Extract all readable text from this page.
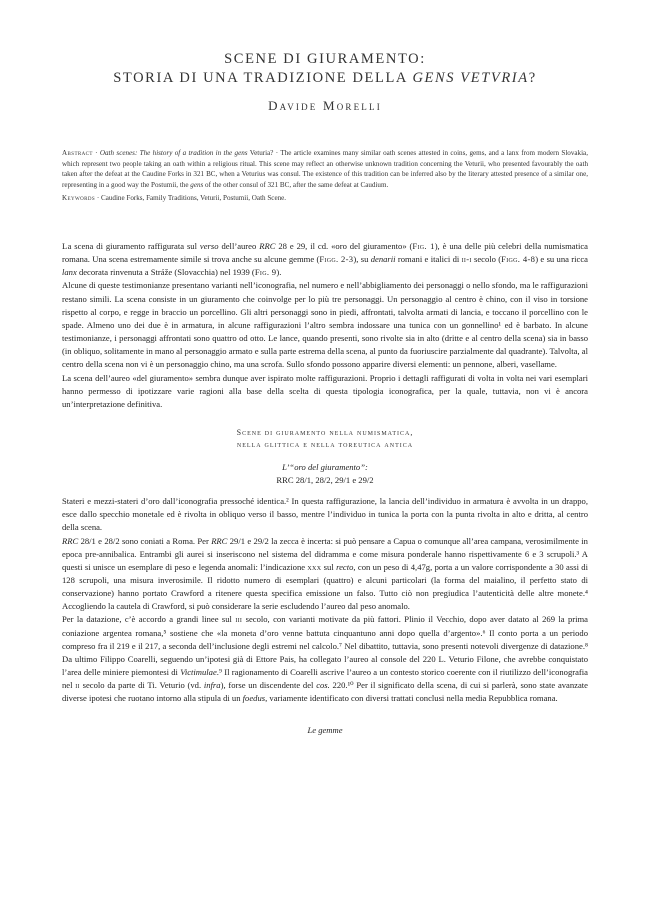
SCENE DI GIURAMENTO:
STORIA DI UNA TRADIZIONE DELLA GENS VETVRIA?
Davide Morelli
Abstract · Oath scenes: The history of a tradition in the gens Veturia? · The article examines many similar oath scenes attested in coins, gems, and a lanx from modern Slovakia, which represent two people taking an oath within a religious ritual. This scene may reflect an otherwise unknown tradition concerning the Veturii, who presented favourably the oath taken after the defeat at the Caudine Forks in 321 BC, when a Veturius was consul. The existence of this tradition can be inferred also by the literary attested presence of a similar one, representing in a good way the Postumii, the gens of the other consul of 321 BC, after the same defeat at Caudium.
Keywords · Caudine Forks, Family Traditions, Veturii, Postumii, Oath Scene.

La scena di giuramento raffigurata sul verso dell’aureo RRC 28 e 29, il cd. «oro del giuramento» (Fig. 1), è una delle più celebri della numismatica romana. Una scena estremamente simile si trova anche su alcune gemme (Figg. 2-3), su denarii romani e italici di ii-i secolo (Figg. 4-8) e su una ricca lanx decorata rinvenuta a Stráže (Slovacchia) nel 1939 (Fig. 9).

Alcune di queste testimonianze presentano varianti nell’iconografia, nel numero e nell’abbigliamento dei personaggi o nello sfondo, ma le raffigurazioni restano simili. La scena consiste in un giuramento che coinvolge per lo più tre personaggi. Un personaggio al centro è chino, con il viso in torsione rispetto al corpo, e regge in braccio un porcellino. Gli altri personaggi sono in piedi, affrontati, talvolta armati di lancia, e toccano il porcellino con le spade. Almeno uno dei due è in armatura, in alcune raffigurazioni l’altro sembra indossare una tunica con un gonnellino¹ ed è barbato. In alcune testimonianze, i personaggi affrontati sono quattro od otto. Le lance, quando presenti, sono rivolte sia in alto (dritte e al centro della scena) sia in basso (in obliquo, solitamente in mano al personaggio armato e sulla parte estrema della scena, al punto da fuoriuscire parzialmente dal quadrante). Talvolta, al centro della scena non vi è un personaggio chino, ma una scrofa. Sullo sfondo possono apparire diversi elementi: un pennone, alberi, vasellame.

La scena dell’aureo «del giuramento» sembra dunque aver ispirato molte raffigurazioni. Proprio i dettagli raffigurati di volta in volta nei vari esemplari hanno permesso di ipotizzare varie ragioni alla base della scelta di questa tipologia iconografica, per la quale, tuttavia, non vi è ancora un’interpretazione definitiva.

Scene di giuramento nella numismatica,
nella glittica e nella toreutica antica
L’“oro del giuramento”:
RRC 28/1, 28/2, 29/1 e 29/2

Stateri e mezzi-stateri d’oro dall’iconografia pressoché identica.² In questa raffigurazione, la lancia dell’individuo in armatura è avvolta in un drappo, esce dallo specchio monetale ed è rivolta in obliquo verso il basso, mentre l’individuo in tunica la porta con la punta rivolta in alto e dritta, al centro della scena.

RRC 28/1 e 28/2 sono coniati a Roma. Per RRC 29/1 e 29/2 la zecca è incerta: si può pensare a Capua o comunque all’area campana, verosimilmente in epoca pre-annibalica. Entrambi gli aurei si inseriscono nel sistema del didramma e come misura ponderale hanno rispettivamente 6 e 3 scrupoli.³ A questi si unisce un esemplare di peso e legenda anomali: l’indicazione xxx sul recto, con un peso di 4,47g, porta a un valore corrispondente a 30 assi di 128 scrupoli, una misura inverosimile. Il ridotto numero di esemplari (quattro) e alcuni particolari (la forma del maialino, il perfetto stato di conservazione) hanno portato Crawford a ritenere questa specifica emissione un falso. Tutto ciò non pregiudica l’autenticità delle altre monete.⁴ Accogliendo la cautela di Crawford, si può considerare la serie escludendo l’aureo dal peso anomalo.

Per la datazione, c’è accordo a grandi linee sul iii secolo, con varianti motivate da più fattori. Plinio il Vecchio, dopo aver datato al 269 la prima coniazione argentea romana,⁵ sostiene che «la moneta d’oro venne battuta cinquantuno anni dopo quella d’argento».⁶ Il conto porta a un periodo compreso fra il 219 e il 217, a seconda dell’inclusione degli estremi nel calcolo.⁷ Nel dibattito, tuttavia, sono presenti notevoli divergenze di datazione.⁸ Da ultimo Filippo Coarelli, seguendo un’ipotesi già di Ettore Pais, ha collegato l’aureo al console del 220 L. Veturio Filone, che avrebbe conquistato l’area delle miniere piemontesi di Victimulae.⁹ Il ragionamento di Coarelli ascrive l’aureo a un contesto storico coerente con il riutilizzo dell’iconografia nel ii secolo da parte di Ti. Veturio (vd. infra), forse un discendente del cos. 220.¹⁰ Per il significato della scena, di cui si parlerà, sono state avanzate diverse ipotesi che ruotano intorno alla stipula di un foedus, variamente identificato con diversi trattati conclusi nella media Repubblica romana.

Le gemme
